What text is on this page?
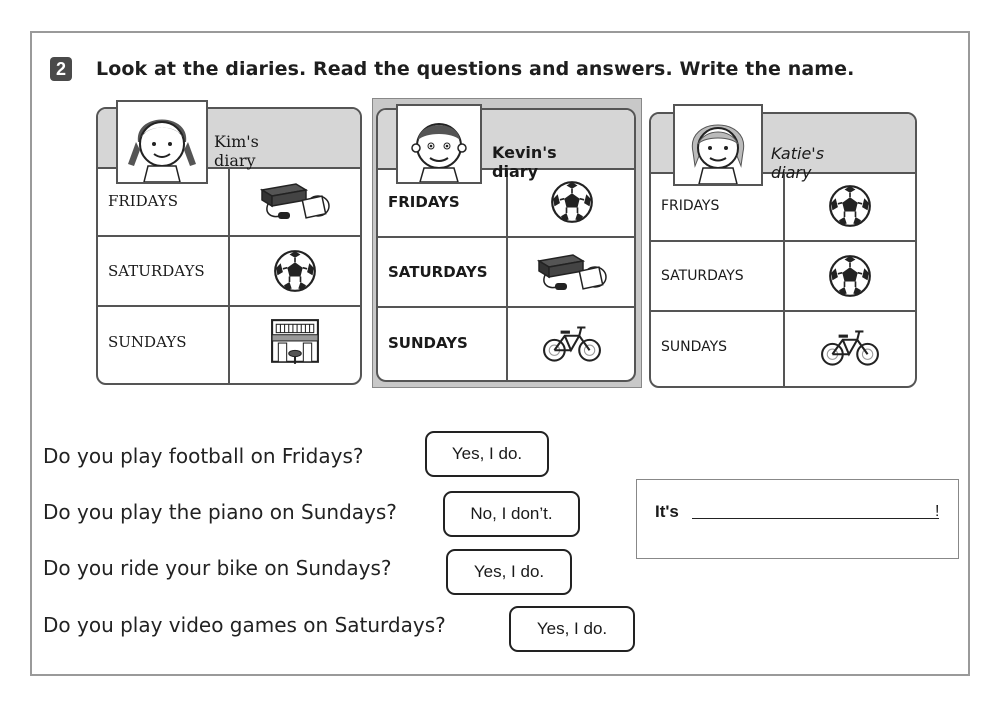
2	Look at the diaries. Read the questions and answers. Write the name.
FRIDAYS
SATURDAYS
SUNDAYS
Kim's diary
FRIDAYS
SATURDAYS
SUNDAYS
Kevin's diary
FRIDAYS
SATURDAYS
SUNDAYS
Katie's diary
Do you play football on Fridays?	Yes, I do.
Do you play the piano on Sundays?	No, I don’t.
Do you ride your bike on Sundays?	Yes, I do.
Do you play video games on Saturdays?	Yes, I do.
It's	!
